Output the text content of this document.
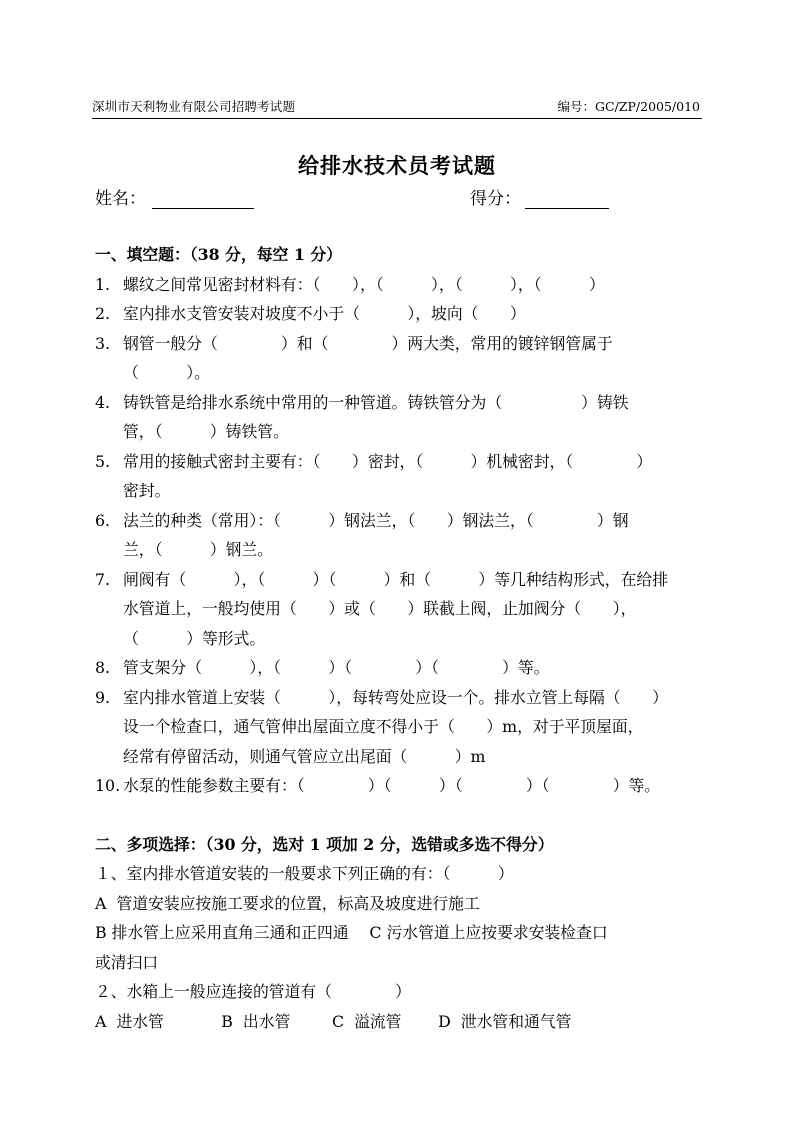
深圳市天利物业有限公司招聘考试题	编号：GC/ZP/2005/010
给排水技术员考试题
姓名：	得分：
一、填空题：（38 分，每空 1 分）
1. 螺纹之间常见密封材料有：（　　），（　　　），（　　　），（　　　）
2. 室内排水支管安装对坡度不小于（　　　），坡向（　　）
3. 钢管一般分（　　　　）和（　　　　）两大类，常用的镀锌钢管属于
（　　　）。
4. 铸铁管是给排水系统中常用的一种管道。铸铁管分为（　　　　　）铸铁
管，（　　　）铸铁管。
5. 常用的接触式密封主要有：（　　）密封，（　　　）机械密封，（　　　　）
密封。
6. 法兰的种类（常用）：（　　　）钢法兰，（　　）钢法兰，（　　　　）钢
兰，（　　　）钢兰。
7. 闸阀有（　　　），（　　　）（　　　）和（　　　）等几种结构形式，在给排
水管道上，一般均使用（　　）或（　　）联截上阀，止加阀分（　　），
（　　　）等形式。
8. 管支架分（　　　），（　　　）（　　　　）（　　　　）等。
9. 室内排水管道上安装（　　　），每转弯处应设一个。排水立管上每隔（　　）
设一个检查口，通气管伸出屋面立度不得小于（　　）m，对于平顶屋面，
经常有停留活动，则通气管应立出尾面（　　　）m
10. 水泵的性能参数主要有：（　　　　）（　　　）（　　　　）（　　　　）等。
二、多项选择：（30 分，选对 1 项加 2 分，选错或多选不得分）
１、室内排水管道安装的一般要求下列正确的有：（　　　）
A  管道安装应按施工要求的位置，标高及坡度进行施工
B 排水管上应采用直角三通和正四通　 C 污水管道上应按要求安装检查口
或清扫口
２、水箱上一般应连接的管道有（　　　　）
A  进水管　　　  B  出水管　　  C  溢流管　　 D  泄水管和通气管
